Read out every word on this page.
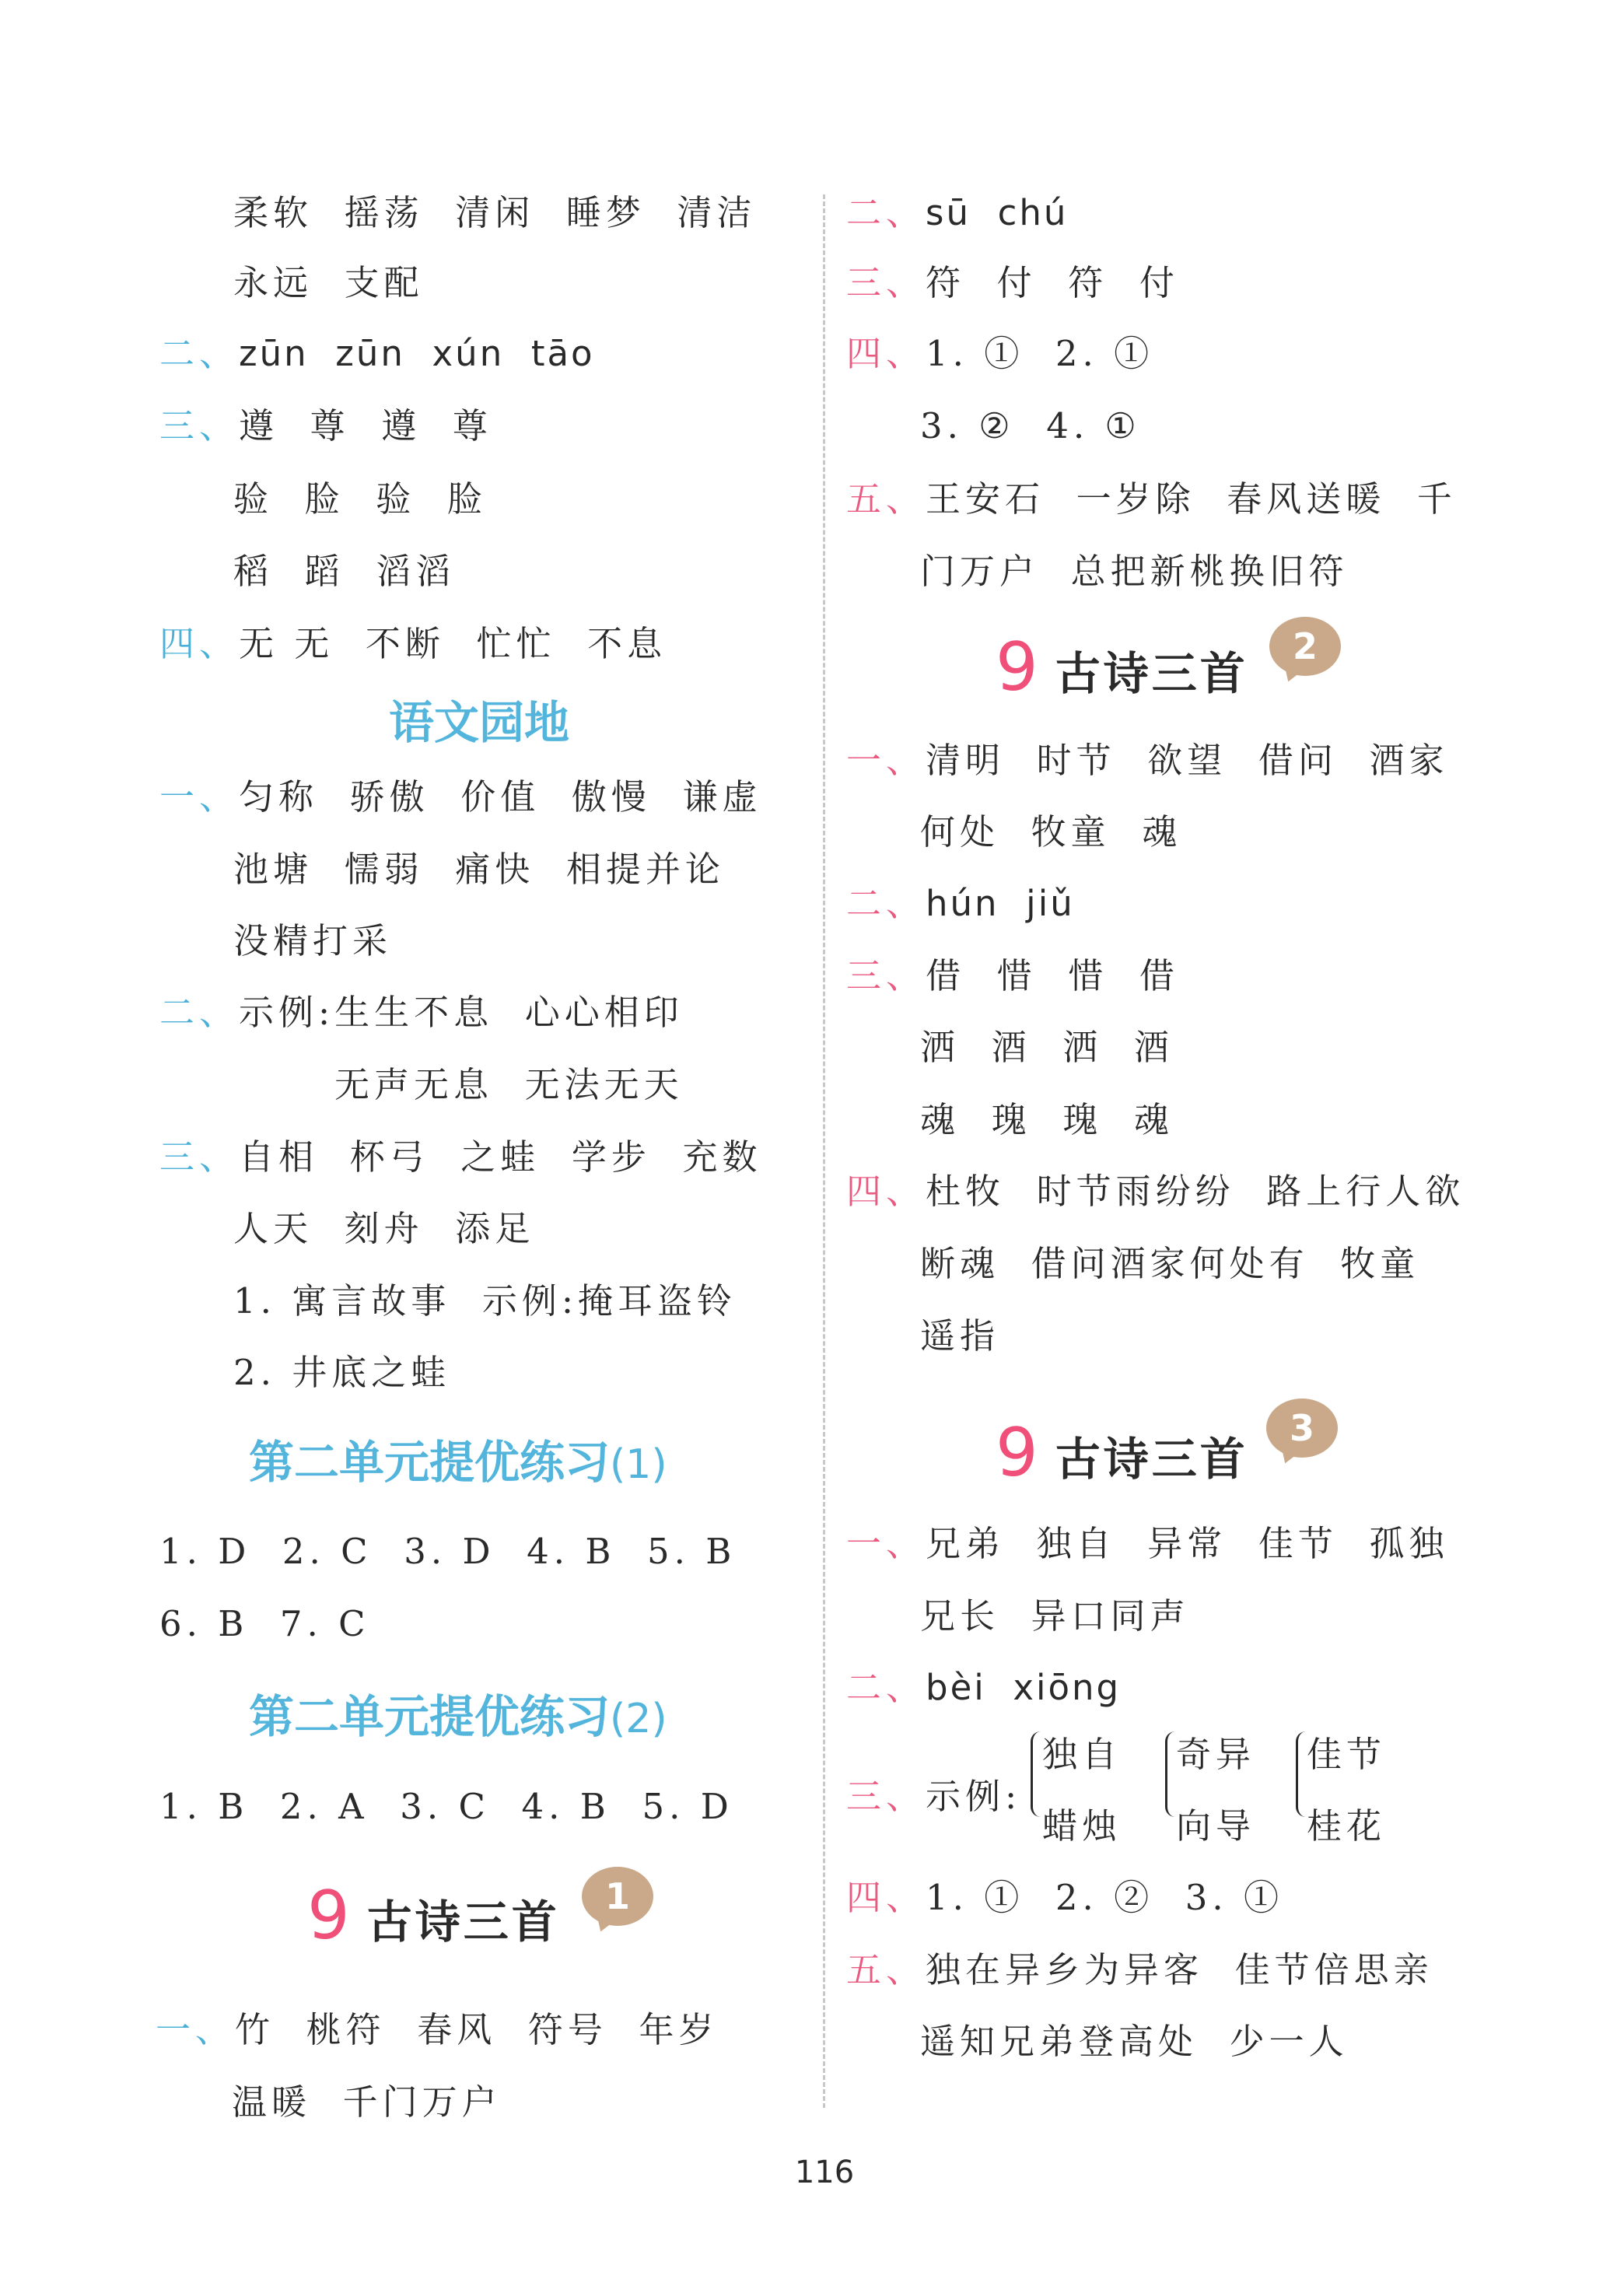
柔软  摇荡  清闲  睡梦  清洁
永远  支配
二、zūn  zūn  xún  tāo
三、遵  尊  遵  尊
验  脸  验  脸
稻  蹈  滔滔
四、无 无  不断  忙忙  不息
语文园地
一、匀称  骄傲  价值  傲慢  谦虚
池塘  懦弱  痛快  相提并论
没精打采
二、示例:生生不息  心心相印
无声无息  无法无天
三、自相  杯弓  之蛙  学步  充数
人天  刻舟  添足
1. 寓言故事  示例:掩耳盗铃
2. 井底之蛙
第二单元提优练习(1)
1. D  2. C  3. D  4. B  5. B
6. B  7. C
第二单元提优练习(2)
1. B  2. A  3. C  4. B  5. D
9 古诗三首	1
一、竹  桃符  春风  符号  年岁
温暖  千门万户
二、sū  chú
三、符  付  符  付
四、1. ①  2. ①
3. ②  4. ①
五、王安石  一岁除  春风送暖  千
门万户  总把新桃换旧符
9 古诗三首
2
一、清明  时节  欲望  借问  酒家
何处  牧童  魂
二、hún  jiǔ
三、借  惜  惜  借
洒  酒  洒  酒
魂  瑰  瑰  魂
四、杜牧  时节雨纷纷  路上行人欲
断魂  借问酒家何处有  牧童
遥指
9 古诗三首
3
一、兄弟  独自  异常  佳节  孤独
兄长  异口同声
二、bèi  xiōng
三、示例:
独自
蜡烛
奇异
向导
佳节
桂花
四、1. ①  2. ②  3. ①
五、独在异乡为异客  佳节倍思亲
遥知兄弟登高处  少一人
116
